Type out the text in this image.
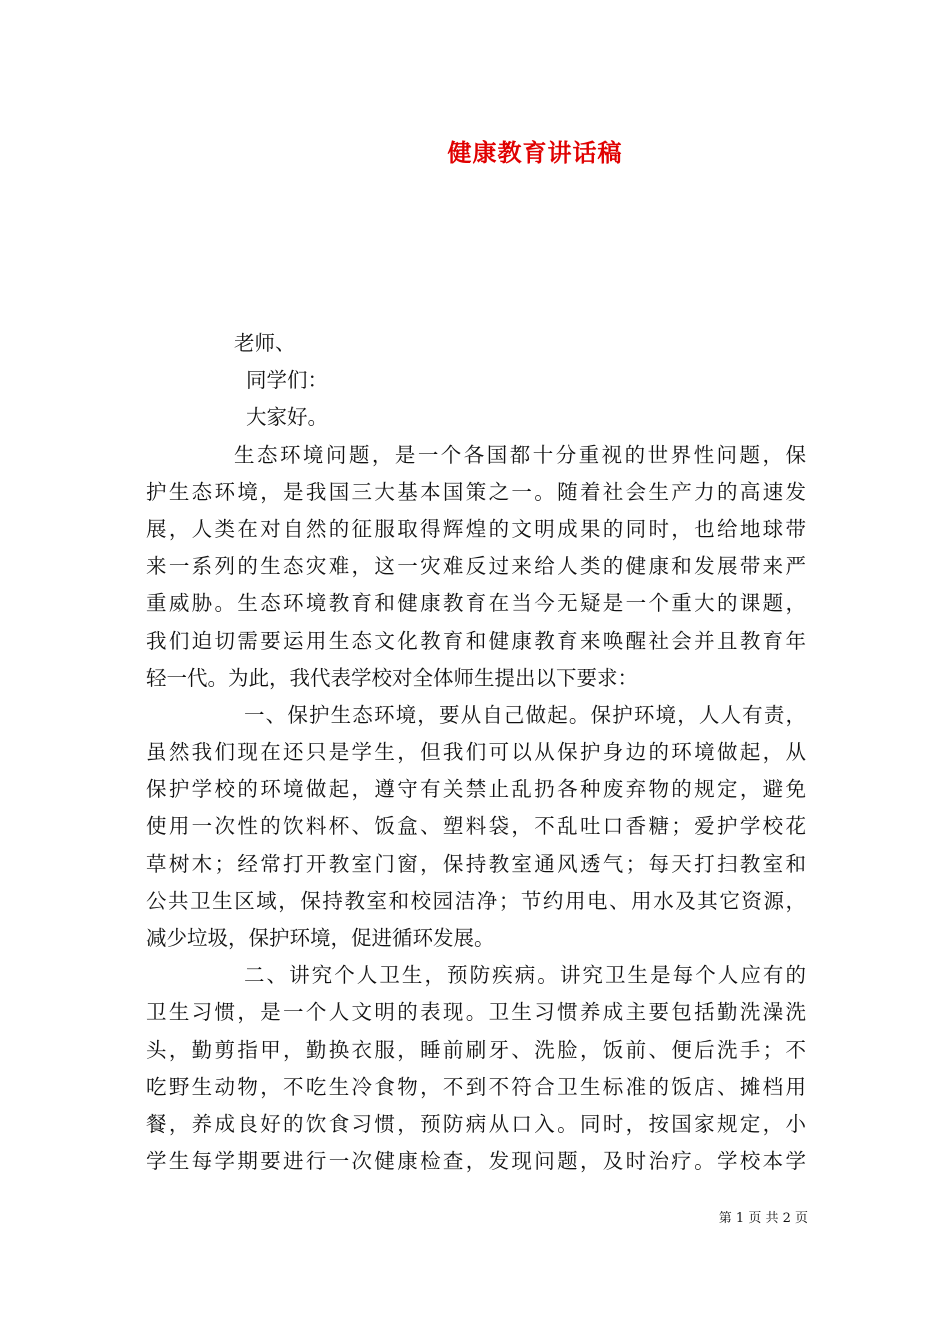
健康教育讲话稿
老师、
同学们：
大家好。
生态环境问题，是一个各国都十分重视的世界性问题，保
护生态环境，是我国三大基本国策之一。随着社会生产力的高速发
展，人类在对自然的征服取得辉煌的文明成果的同时，也给地球带
来一系列的生态灾难，这一灾难反过来给人类的健康和发展带来严
重威胁。生态环境教育和健康教育在当今无疑是一个重大的课题，
我们迫切需要运用生态文化教育和健康教育来唤醒社会并且教育年
轻一代。为此，我代表学校对全体师生提出以下要求：
一、保护生态环境，要从自己做起。保护环境，人人有责，
虽然我们现在还只是学生，但我们可以从保护身边的环境做起，从
保护学校的环境做起，遵守有关禁止乱扔各种废弃物的规定，避免
使用一次性的饮料杯、饭盒、塑料袋，不乱吐口香糖；爱护学校花
草树木；经常打开教室门窗，保持教室通风透气；每天打扫教室和
公共卫生区域，保持教室和校园洁净；节约用电、用水及其它资源，
减少垃圾，保护环境，促进循环发展。
二、讲究个人卫生，预防疾病。讲究卫生是每个人应有的
卫生习惯，是一个人文明的表现。卫生习惯养成主要包括勤洗澡洗
头，勤剪指甲，勤换衣服，睡前刷牙、洗脸，饭前、便后洗手；不
吃野生动物，不吃生冷食物，不到不符合卫生标准的饭店、摊档用
餐，养成良好的饮食习惯，预防病从口入。同时，按国家规定，小
学生每学期要进行一次健康检查，发现问题，及时治疗。学校本学
第 1 页 共 2 页
